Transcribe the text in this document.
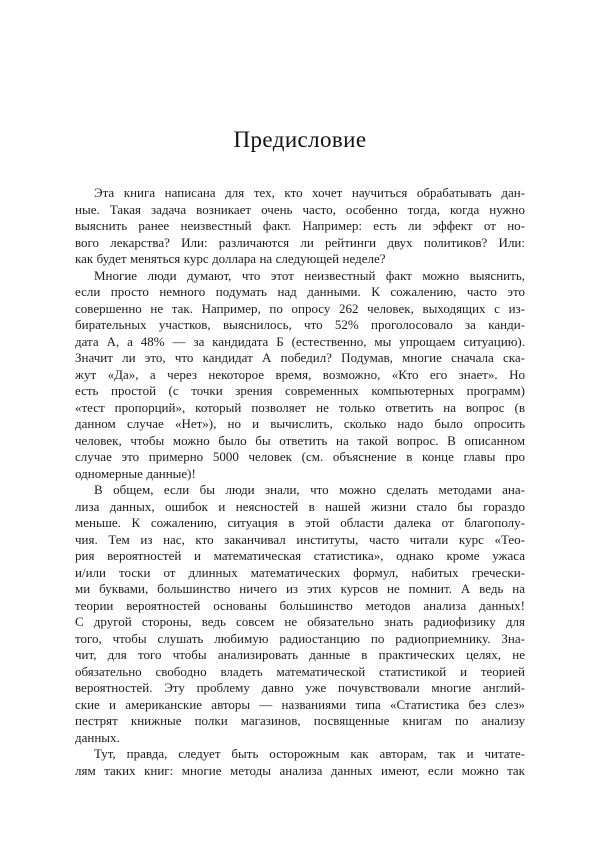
Предисловие
Эта книга написана для тех, кто хочет научиться обрабатывать дан-
ные. Такая задача возникает очень часто, особенно тогда, когда нужно
выяснить ранее неизвестный факт. Например: есть ли эффект от но-
вого лекарства? Или: различаются ли рейтинги двух политиков? Или:
как будет меняться курс доллара на следующей неделе?
Многие люди думают, что этот неизвестный факт можно выяснить,
если просто немного подумать над данными. К сожалению, часто это
совершенно не так. Например, по опросу 262 человек, выходящих с из-
бирательных участков, выяснилось, что 52% проголосовало за канди-
дата А, а 48% — за кандидата Б (естественно, мы упрощаем ситуацию).
Значит ли это, что кандидат А победил? Подумав, многие сначала ска-
жут «Да», а через некоторое время, возможно, «Кто его знает». Но
есть простой (с точки зрения современных компьютерных программ)
«тест пропорций», который позволяет не только ответить на вопрос (в
данном случае «Нет»), но и вычислить, сколько надо было опросить
человек, чтобы можно было бы ответить на такой вопрос. В описанном
случае это примерно 5000 человек (см. объяснение в конце главы про
одномерные данные)!
В общем, если бы люди знали, что можно сделать методами ана-
лиза данных, ошибок и неясностей в нашей жизни стало бы гораздо
меньше. К сожалению, ситуация в этой области далека от благополу-
чия. Тем из нас, кто заканчивал институты, часто читали курс «Тео-
рия вероятностей и математическая статистика», однако кроме ужаса
и/или тоски от длинных математических формул, набитых гречески-
ми буквами, большинство ничего из этих курсов не помнит. А ведь на
теории вероятностей основаны большинство методов анализа данных!
С другой стороны, ведь совсем не обязательно знать радиофизику для
того, чтобы слушать любимую радиостанцию по радиоприемнику. Зна-
чит, для того чтобы анализировать данные в практических целях, не
обязательно свободно владеть математической статистикой и теорией
вероятностей. Эту проблему давно уже почувствовали многие англий-
ские и американские авторы — названиями типа «Статистика без слез»
пестрят книжные полки магазинов, посвященные книгам по анализу
данных.
Тут, правда, следует быть осторожным как авторам, так и читате-
лям таких книг: многие методы анализа данных имеют, если можно так
